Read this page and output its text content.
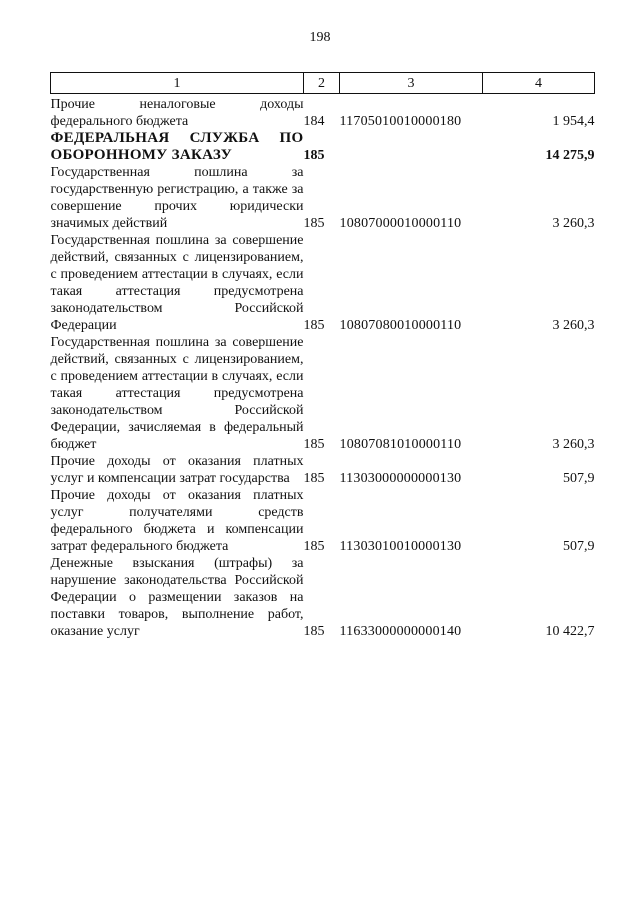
198
1	2	3	4
Прочие неналоговые доходы федерального бюджета	184	11705010010000180	1 954,4
ФЕДЕРАЛЬНАЯ СЛУЖБА ПО ОБОРОННОМУ ЗАКАЗУ	185		14 275,9
Государственная пошлина за государственную регистрацию, а также за совершение прочих юридически значимых действий	185	10807000010000110	3 260,3
Государственная пошлина за совершение действий, связанных с лицензированием, с проведением аттестации в случаях, если такая аттестация предусмотрена законодательством Российской Федерации	185	10807080010000110	3 260,3
Государственная пошлина за совершение действий, связанных с лицензированием, с проведением аттестации в случаях, если такая аттестация предусмотрена законодательством Российской Федерации, зачисляемая в федеральный бюджет	185	10807081010000110	3 260,3
Прочие доходы от оказания платных услуг и компенсации затрат государства	185	11303000000000130	507,9
Прочие доходы от оказания платных услуг получателями средств федерального бюджета и компенсации затрат федерального бюджета	185	11303010010000130	507,9
Денежные взыскания (штрафы) за нарушение законодательства Российской Федерации о размещении заказов на поставки товаров, выполнение работ, оказание услуг	185	11633000000000140	10 422,7
